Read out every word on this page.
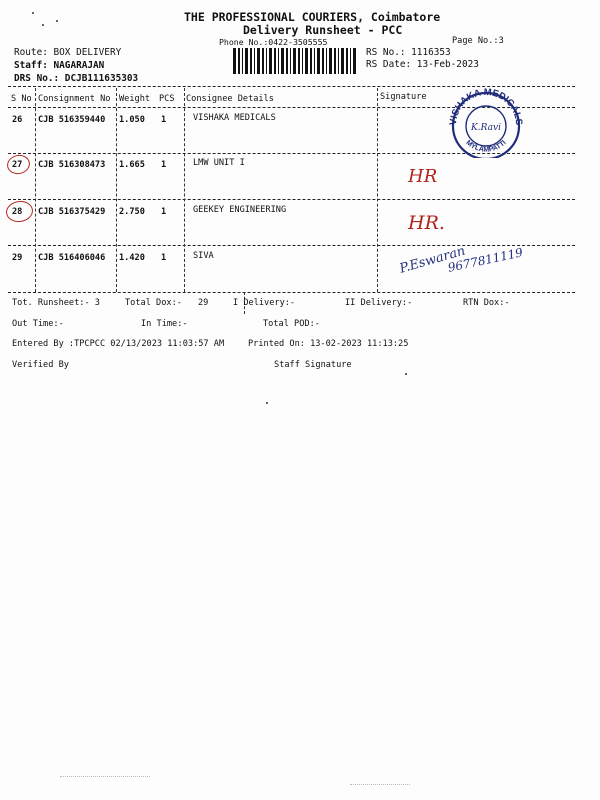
THE PROFESSIONAL COURIERS, Coimbatore
Delivery Runsheet - PCC
Phone No.:0422-3505555	Page No.:3
Route: BOX DELIVERY
Staff: NAGARAJAN
DRS No.: DCJB111635303
RS No.: 1116353
RS Date: 13-Feb-2023
S No Consignment No Weight PCS Consignee Details	Signature
26 CJB 516359440 1.050 1	VISHAKA MEDICALS
27 CJB 516308473 1.665 1	LMW UNIT I
28 CJB 516375429 2.750 1	GEEKEY ENGINEERING
29 CJB 516406046 1.420 1	SIVA
VISHAKA MEDICALS
MYLAMPATTI
K.Ravi
HR
HR.
P.Eswaran
9677811119
Tot. Runsheet:- 3	Total Dox:- 29	I Delivery:-	II Delivery:-	RTN Dox:-
Out Time:-	In Time:-	Total POD:-
Entered By :TPCPCC 02/13/2023 11:03:57 AM	Printed On: 13-02-2023 11:13:25
Verified By	Staff Signature
